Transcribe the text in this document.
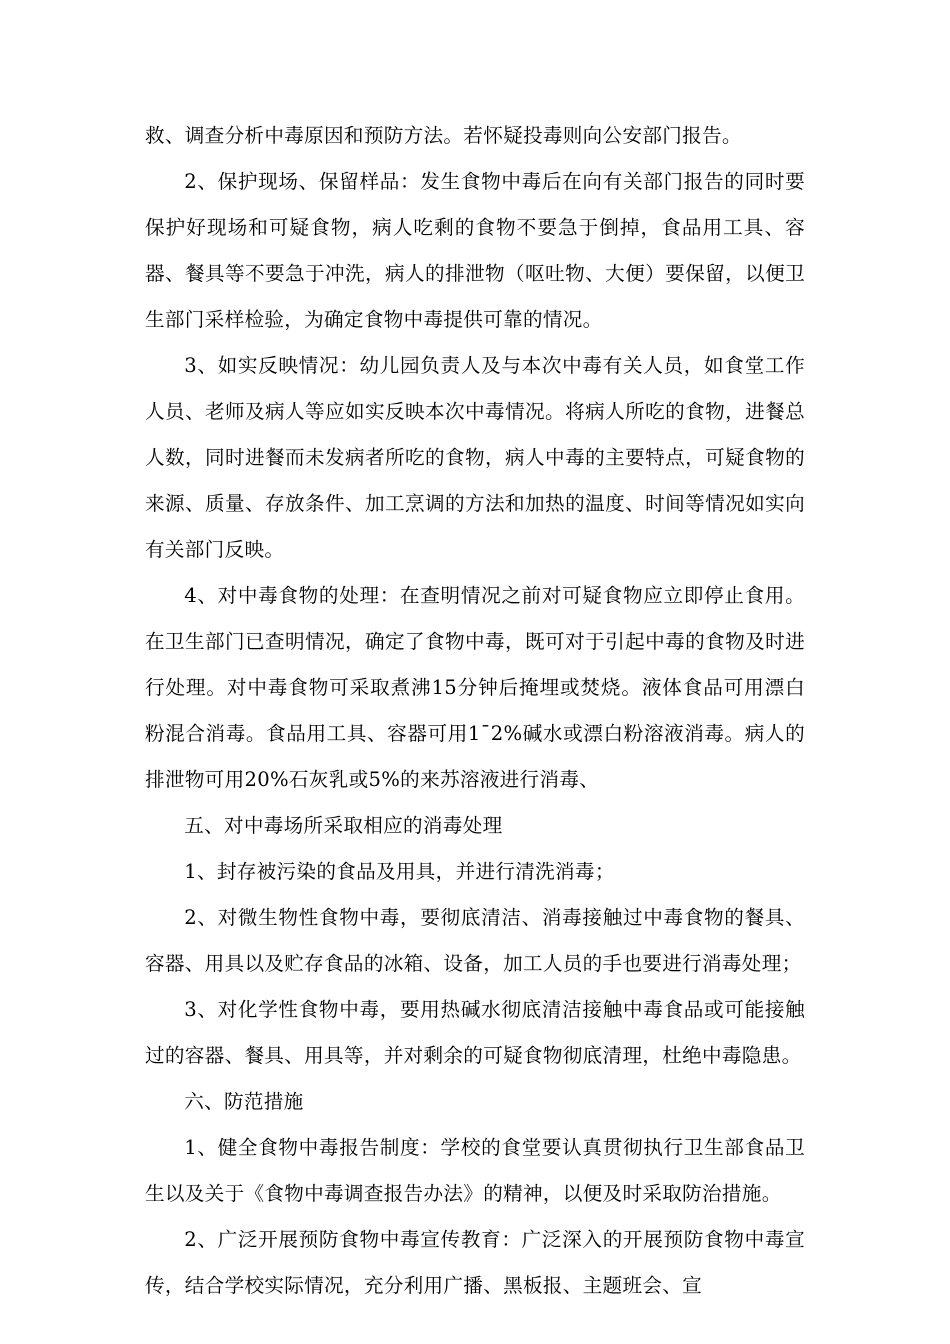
救、调查分析中毒原因和预防方法。若怀疑投毒则向公安部门报告。

2、保护现场、保留样品：发生食物中毒后在向有关部门报告的同时要保护好现场和可疑食物，病人吃剩的食物不要急于倒掉，食品用工具、容器、餐具等不要急于冲洗，病人的排泄物（呕吐物、大便）要保留，以便卫生部门采样检验，为确定食物中毒提供可靠的情况。

3、如实反映情况：幼儿园负责人及与本次中毒有关人员，如食堂工作人员、老师及病人等应如实反映本次中毒情况。将病人所吃的食物，进餐总人数，同时进餐而未发病者所吃的食物，病人中毒的主要特点，可疑食物的来源、质量、存放条件、加工烹调的方法和加热的温度、时间等情况如实向有关部门反映。

4、对中毒食物的处理：在查明情况之前对可疑食物应立即停止食用。在卫生部门已查明情况，确定了食物中毒，既可对于引起中毒的食物及时进行处理。对中毒食物可采取煮沸15分钟后掩埋或焚烧。液体食品可用漂白粉混合消毒。食品用工具、容器可用1¯2%碱水或漂白粉溶液消毒。病人的排泄物可用20%石灰乳或5%的来苏溶液进行消毒、

五、对中毒场所采取相应的消毒处理

1、封存被污染的食品及用具，并进行清洗消毒；

2、对微生物性食物中毒，要彻底清洁、消毒接触过中毒食物的餐具、容器、用具以及贮存食品的冰箱、设备，加工人员的手也要进行消毒处理；

3、对化学性食物中毒，要用热碱水彻底清洁接触中毒食品或可能接触过的容器、餐具、用具等，并对剩余的可疑食物彻底清理，杜绝中毒隐患。

六、防范措施

1、健全食物中毒报告制度：学校的食堂要认真贯彻执行卫生部食品卫生以及关于《食物中毒调查报告办法》的精神，以便及时采取防治措施。

2、广泛开展预防食物中毒宣传教育：广泛深入的开展预防食物中毒宣传，结合学校实际情况，充分利用广播、黑板报、主题班会、宣
